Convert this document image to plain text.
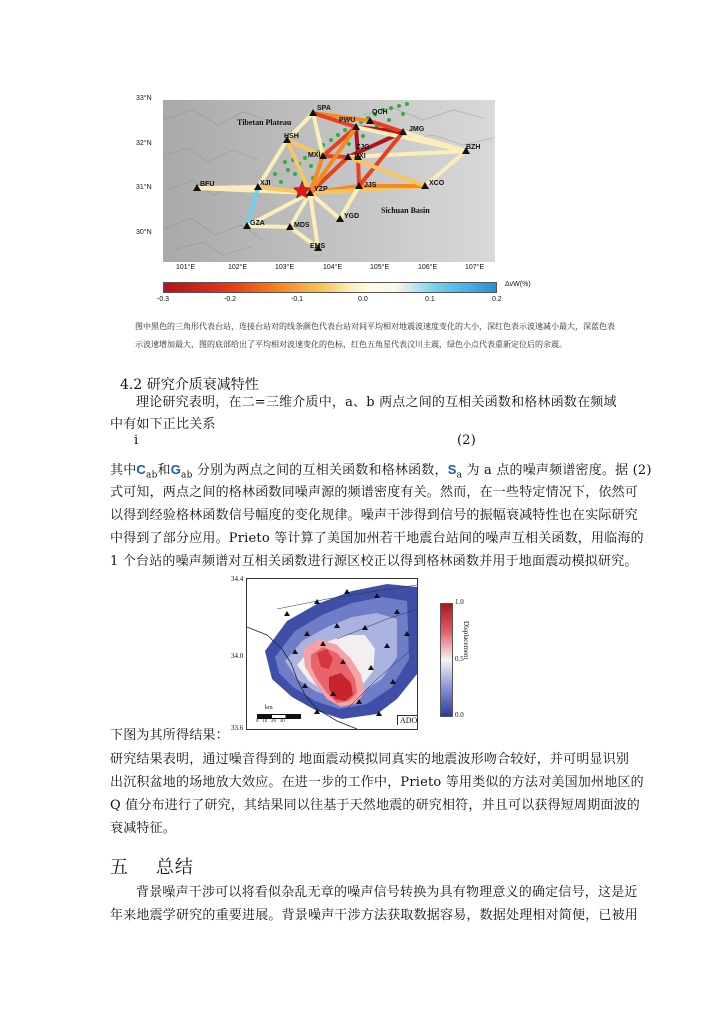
33°N
32°N
31°N
30°N
Tibetan Plateau
Sichuan Basin
SPA
QCH
PWU
JMG
HSH
ZJG	BZH
MXI	AXI
BFU	XJI
YZP
JJS	XCO
GZA	MDS
YGD
EMS
101°E	102°E	103°E	104°E	105°E	106°E	107°E
ΔvW(%)
-0.3	-0.2	-0.1	0.0	0.1	0.2
图中黑色的三角形代表台站，连接台站对的线条颜色代表台站对间平均相对地震波速度变化的大小，深红色表示波速减小最大，深蓝色表示波速增加最大，图的底部给出了平均相对波速变化的色标，红色五角星代表汶川主震，绿色小点代表重新定位后的余震。
4.2 研究介质衰减特性
理论研究表明，在二=三维介质中，a、b 两点之间的互相关函数和格林函数在频域中有如下正比关系
i	(2)
其中$C_{ab}$和$G_{ab}$ 分别为两点之间的互相关函数和格林函数，$S_a$ 为 a 点的噪声频谱密度。据 (2)
式可知，两点之间的格林函数同噪声源的频谱密度有关。然而，在一些特定情况下，依然可
以得到经验格林函数信号幅度的变化规律。噪声干涉得到信号的振幅衰减特性也在实际研究
中得到了部分应用。Prieto 等计算了美国加州若干地震台站间的噪声互相关函数，用临海的
1 个台站的噪声频谱对互相关函数进行源区校正以得到格林函数并用于地面震动模拟研究。
34.4
34.0
33.6
km
0   10   20   30	ADO
1.0
0.5
0.0
Displacement
下图为其所得结果：
研究结果表明，通过噪音得到的 地面震动模拟同真实的地震波形吻合较好，并可明显识别
出沉积盆地的场地放大效应。在进一步的工作中，Prieto 等用类似的方法对美国加州地区的
Q 值分布进行了研究，其结果同以往基于天然地震的研究相符，并且可以获得短周期面波的
衰减特征。
五    总结
背景噪声干涉可以将看似杂乱无章的噪声信号转换为具有物理意义的确定信号，这是近
年来地震学研究的重要进展。背景噪声干涉方法获取数据容易，数据处理相对简便，已被用
